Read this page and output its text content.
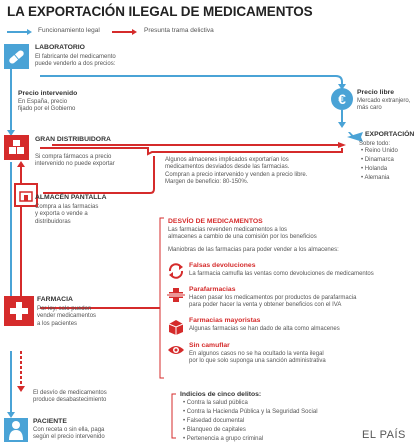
LA EXPORTACIÓN ILEGAL DE MEDICAMENTOS
Funcionamiento legal	Presunta trama delictiva
LABORATORIO
El fabricante del medicamento
puede venderlo a dos precios:
Precio intervenido
En España, precio
fijado por el Gobierno
€	Precio libre
Mercado extranjero,
más caro
GRAN DISTRIBUIDORA
Si compra fármacos a precio
intervenido no puede exportar
EXPORTACIÓN
Sobre todo:
• Reino Unido
• Dinamarca
• Holanda
• Alemania
Algunos almacenes implicados exportarían los
medicamentos desviados desde las farmacias.
Compran a precio intervenido y venden a precio libre.
Margen de beneficio: 80-150%.
ALMACÉN PANTALLA
Compra a las farmacias
y exporta o vende a
distribuidoras	DESVÍO DE MEDICAMENTOS
Las farmacias revenden medicamentos a los
almacenes a cambio de una comisión por los beneficios
Maniobras de las farmacias para poder vender a los almacenes:
Falsas devoluciones
La farmacia camufla las ventas como devoluciones de medicamentos
Parafarmacias
Hacen pasar los medicamentos por productos de parafarmacia
para poder hacer la venta y obtener beneficios con el IVA
Farmacias mayoristas
Algunas farmacias se han dado de alta como almacenes
Sin camuflar
En algunos casos no se ha ocultado la venta ilegal
por lo que solo suponga una sanción administrativa
FARMACIA
Por ley, solo pueden
vender medicamentos
a los pacientes
El desvío de medicamentos
produce desabastecimiento
Indicios de cinco delitos:
• Contra la salud pública
• Contra la Hacienda Pública y la Seguridad Social
• Falsedad documental
• Blanqueo de capitales
• Pertenencia a grupo criminal
PACIENTE
Con receta o sin ella, paga
según el precio intervenido	EL PAÍS
